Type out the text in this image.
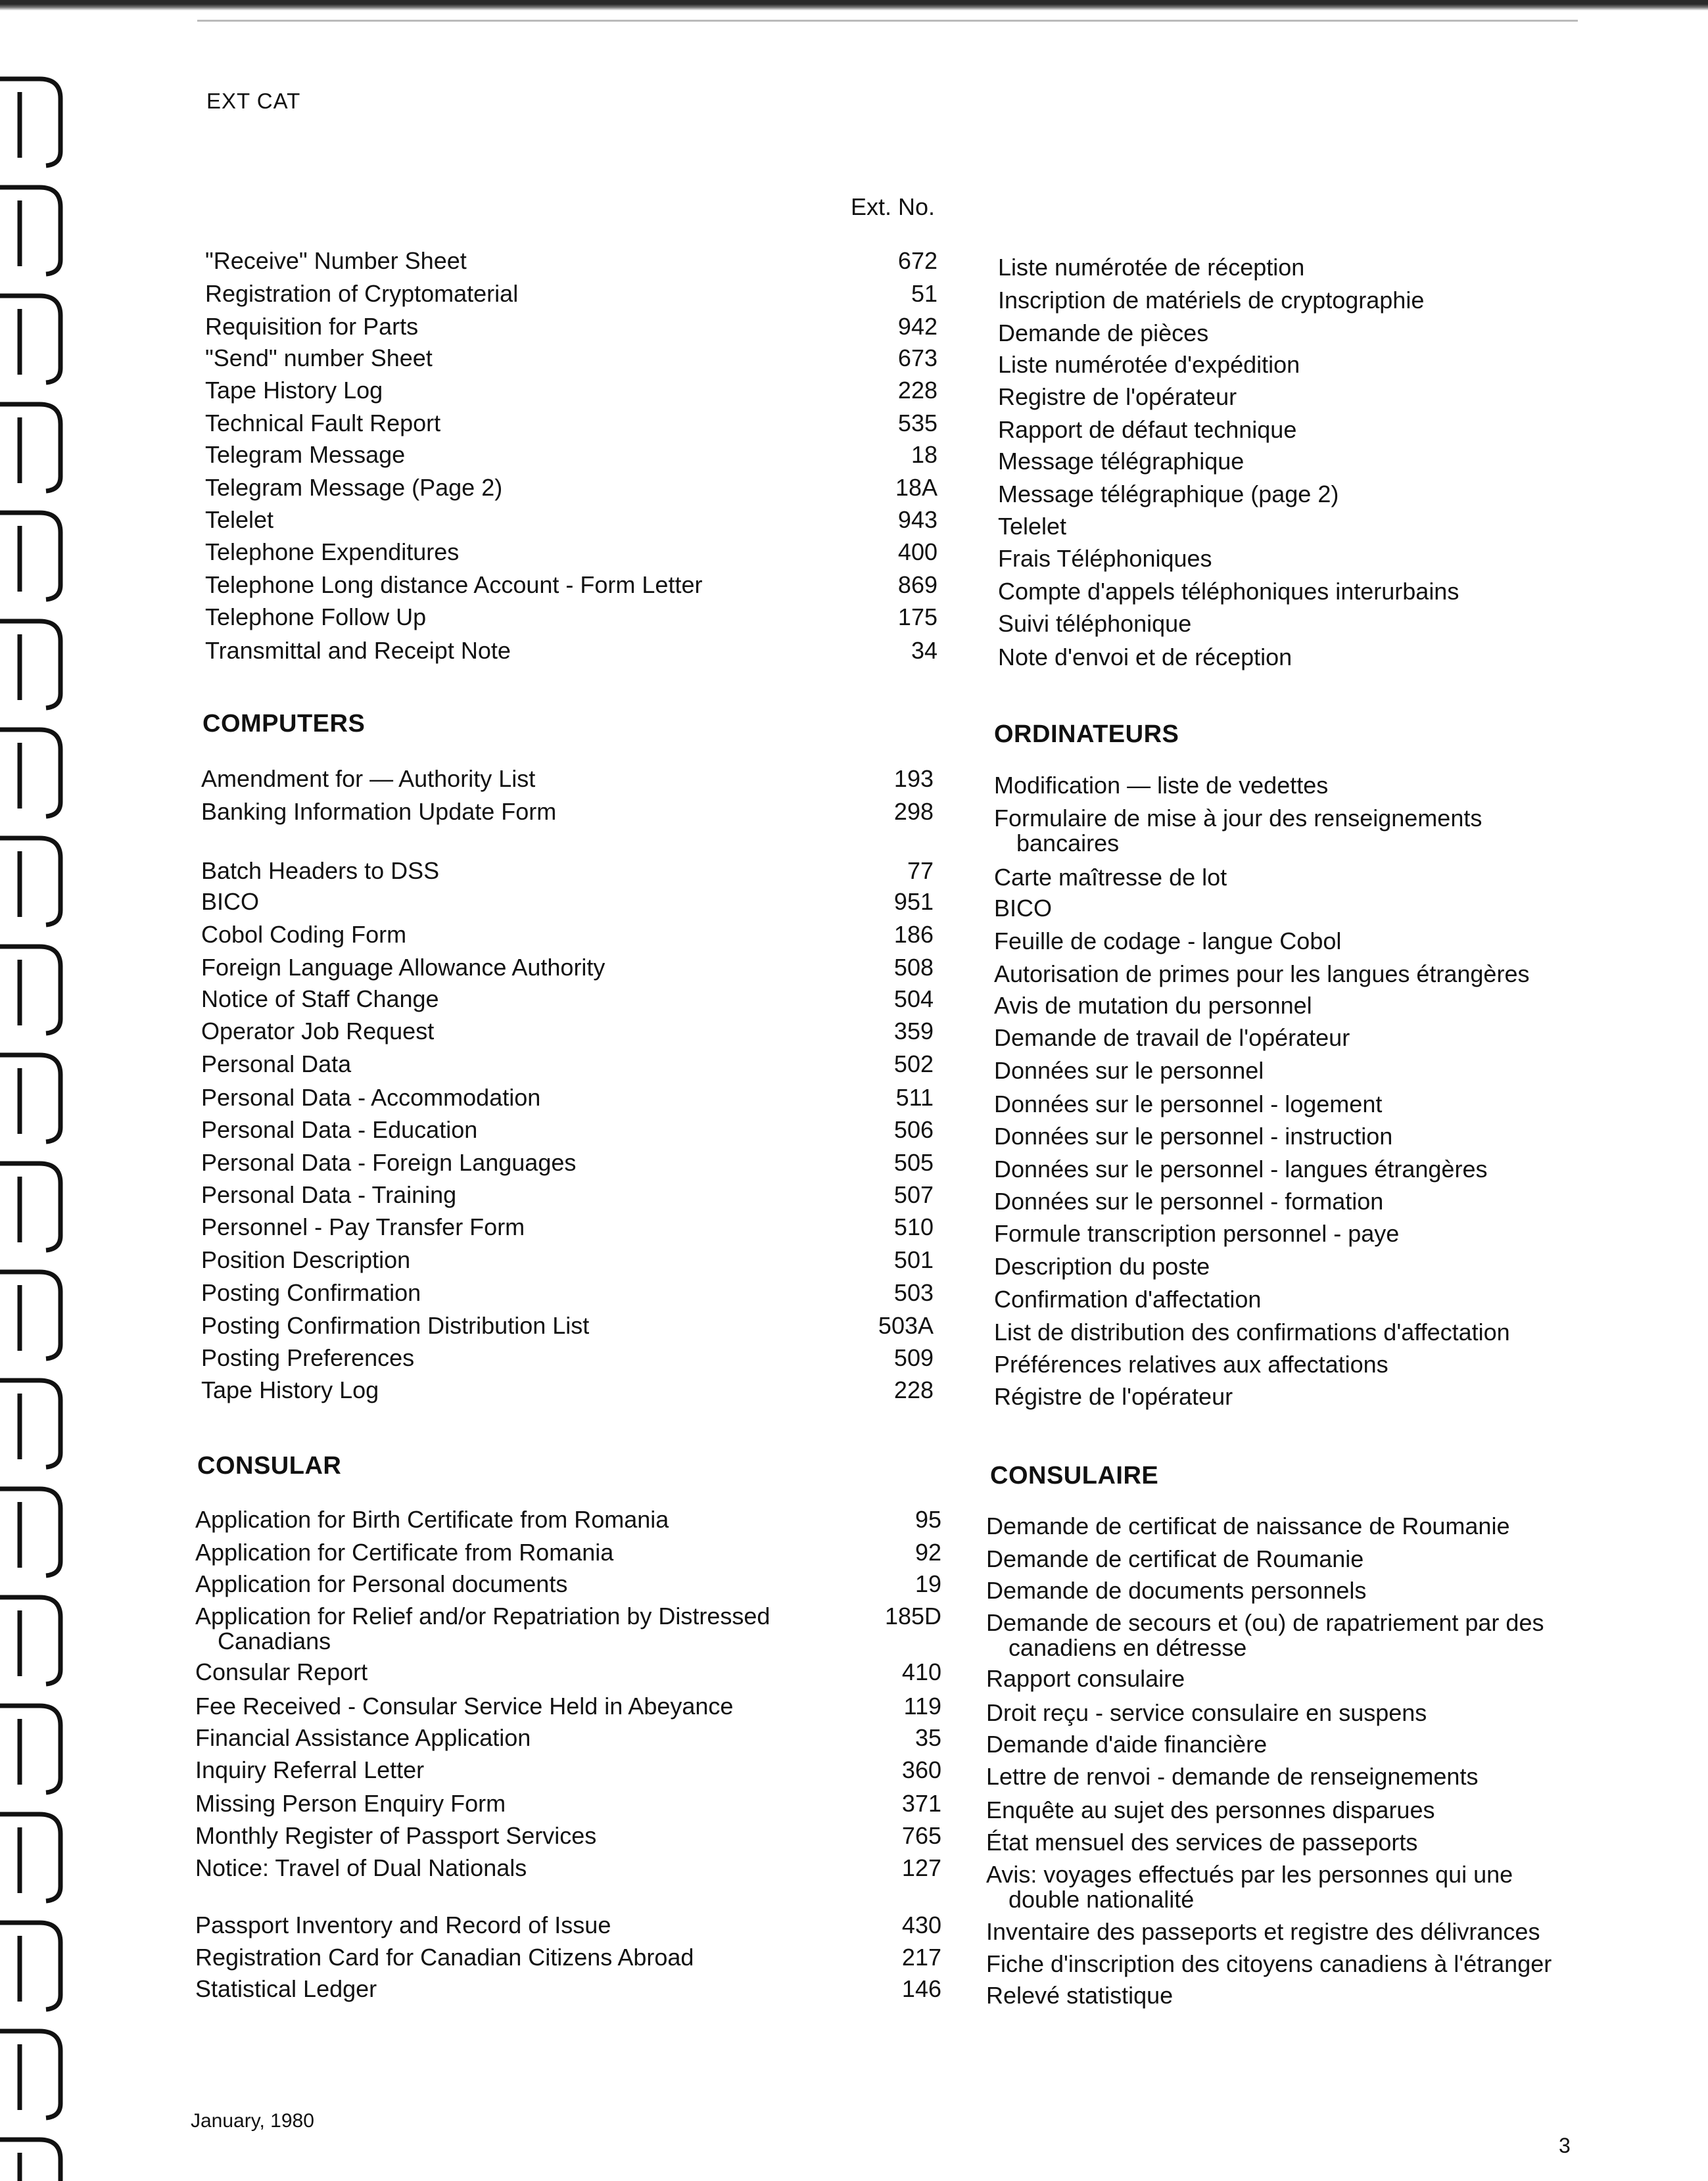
EXT CAT
Ext. No.
"Receive" Number Sheet	672	Liste numérotée de réception
Registration of Cryptomaterial	51	Inscription de matériels de cryptographie
Requisition for Parts	942	Demande de pièces
"Send" number Sheet	673	Liste numérotée d'expédition
Tape History Log	228	Registre de l'opérateur
Technical Fault Report	535	Rapport de défaut technique
Telegram Message	18	Message télégraphique
Telegram Message (Page 2)	18A	Message télégraphique (page 2)
Telelet	943	Telelet
Telephone Expenditures	400	Frais Téléphoniques
Telephone Long distance Account - Form Letter	869	Compte d'appels téléphoniques interurbains
Telephone Follow Up	175	Suivi téléphonique
Transmittal and Receipt Note	34	Note d'envoi et de réception
COMPUTERS	ORDINATEURS
Amendment for — Authority List	193	Modification — liste de vedettes
Banking Information Update Form	298	Formulaire de mise à jour des renseignements
bancaires
Batch Headers to DSS	77	Carte maîtresse de lot
BICO	951	BICO
Cobol Coding Form	186	Feuille de codage - langue Cobol
Foreign Language Allowance Authority	508	Autorisation de primes pour les langues étrangères
Notice of Staff Change	504	Avis de mutation du personnel
Operator Job Request	359	Demande de travail de l'opérateur
Personal Data	502	Données sur le personnel
Personal Data - Accommodation	511	Données sur le personnel - logement
Personal Data - Education	506	Données sur le personnel - instruction
Personal Data - Foreign Languages	505	Données sur le personnel - langues étrangères
Personal Data - Training	507	Données sur le personnel - formation
Personnel - Pay Transfer Form	510	Formule transcription personnel - paye
Position Description	501	Description du poste
Posting Confirmation	503	Confirmation d'affectation
Posting Confirmation Distribution List	503A	List de distribution des confirmations d'affectation
Posting Preferences	509	Préférences relatives aux affectations
Tape History Log	228	Régistre de l'opérateur
CONSULAR	CONSULAIRE
Application for Birth Certificate from Romania	95 Demande de certificat de naissance de Roumanie
Application for Certificate from Romania	92 Demande de certificat de Roumanie
Application for Personal documents	19 Demande de documents personnels
Application for Relief and/or Repatriation by Distressed	185D Demande de secours et (ou) de rapatriement par des
Canadians	canadiens en détresse
Consular Report	410 Rapport consulaire
Fee Received - Consular Service Held in Abeyance	119 Droit reçu - service consulaire en suspens
Financial Assistance Application	35 Demande d'aide financière
Inquiry Referral Letter	360 Lettre de renvoi - demande de renseignements
Missing Person Enquiry Form	371 Enquête au sujet des personnes disparues
Monthly Register of Passport Services	765 État mensuel des services de passeports
Notice: Travel of Dual Nationals	127 Avis: voyages effectués par les personnes qui une
double nationalité
Passport Inventory and Record of Issue	430 Inventaire des passeports et registre des délivrances
Registration Card for Canadian Citizens Abroad	217 Fiche d'inscription des citoyens canadiens à l'étranger
Statistical Ledger	146 Relevé statistique
January, 1980
3
